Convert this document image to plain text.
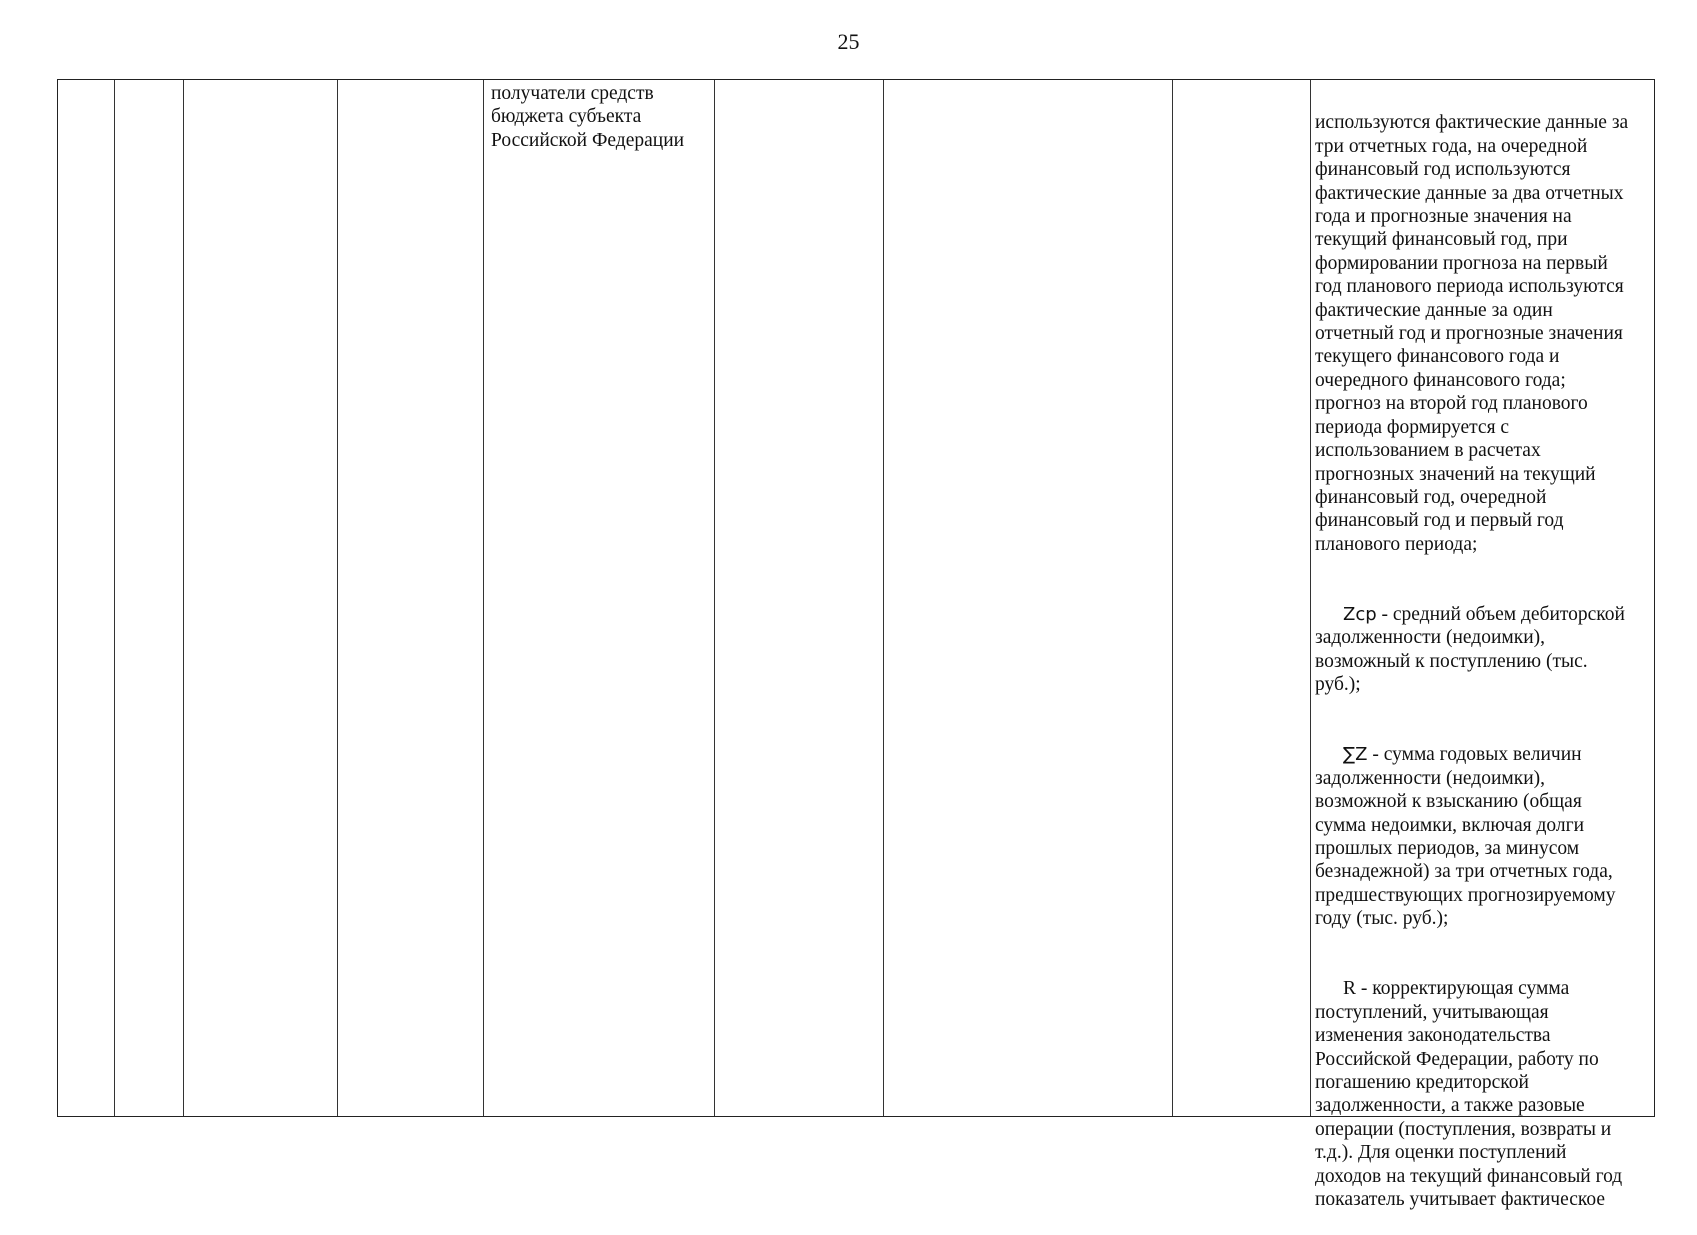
25
получатели средств
бюджета субъекта
Российской Федерации

используются фактические данные за
три отчетных года, на очередной
финансовый год используются
фактические данные за два отчетных
года и прогнозные значения на
текущий финансовый год, при
формировании прогноза на первый
год планового периода используются
фактические данные за один
отчетный год и прогнозные значения
текущего финансового года и
очередного финансового года;
прогноз на второй год планового
периода формируется с
использованием в расчетах
прогнозных значений на текущий
финансовый год, очередной
финансовый год и первый год
планового периода;

Zcp - средний объем дебиторской
задолженности (недоимки),
возможный к поступлению (тыс.
руб.);

∑Z - сумма годовых величин
задолженности (недоимки),
возможной к взысканию (общая
сумма недоимки, включая долги
прошлых периодов, за минусом
безнадежной) за три отчетных года,
предшествующих прогнозируемому
году (тыс. руб.);

R - корректирующая сумма
поступлений, учитывающая
изменения законодательства
Российской Федерации, работу по
погашению кредиторской
задолженности, а также разовые
операции (поступления, возвраты и
т.д.). Для оценки поступлений
доходов на текущий финансовый год
показатель учитывает фактическое
